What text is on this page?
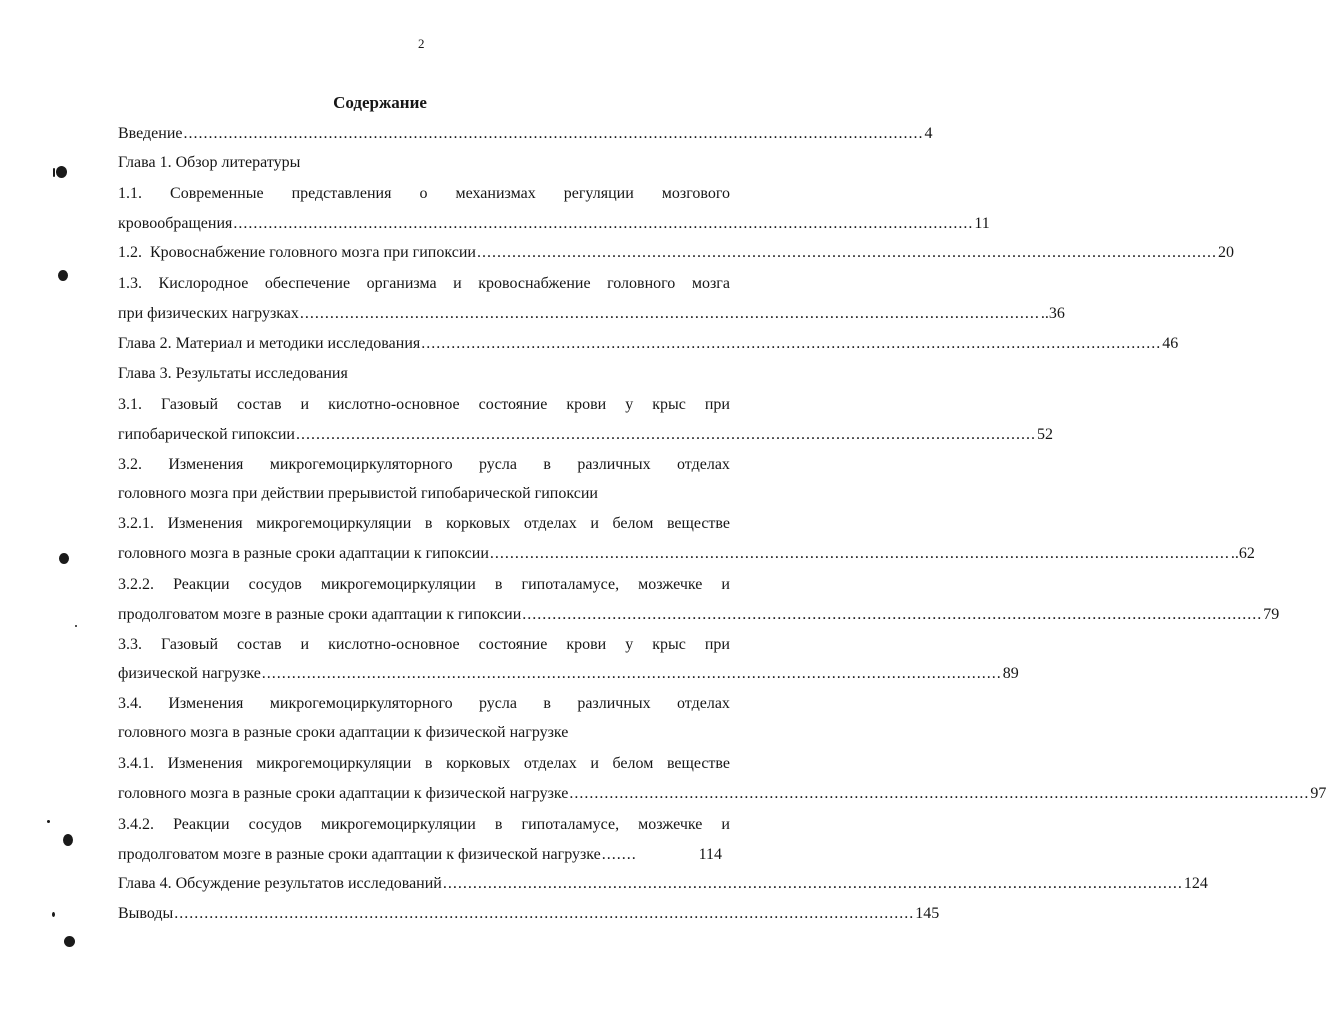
2
Содержание
Введение .................................................................................................................................................... 4
Глава 1. Обзор литературы
1.1. Современные представления о механизмах регуляции мозгового
кровообращения .................................................................................................................................................... 11
1.2.  Кровоснабжение головного мозга при гипоксии .................................................................................................................................................... 20
1.3. Кислородное обеспечение организма и кровоснабжение головного мозга
при физических нагрузках .................................................................................................................................................... ..36
Глава 2. Материал и методики исследования .................................................................................................................................................... 46
Глава 3. Результаты исследования
3.1. Газовый состав и кислотно-основное состояние крови у крыс при
гипобарической гипоксии .................................................................................................................................................... 52
3.2. Изменения микрогемоциркуляторного русла в различных отделах
головного мозга при действии прерывистой гипобарической гипоксии
3.2.1. Изменения микрогемоциркуляции в корковых отделах и белом веществе
головного мозга в разные сроки адаптации к гипоксии .................................................................................................................................................... ..62
3.2.2. Реакции сосудов микрогемоциркуляции в гипоталамусе, мозжечке и
продолговатом мозге в разные сроки адаптации к гипоксии .................................................................................................................................................... 79
3.3. Газовый состав и кислотно-основное состояние крови у крыс при
физической нагрузке .................................................................................................................................................... 89
3.4. Изменения микрогемоциркуляторного русла в различных отделах
головного мозга в разные сроки адаптации к физической нагрузке
3.4.1. Изменения микрогемоциркуляции в корковых отделах и белом веществе
головного мозга в разные сроки адаптации к физической нагрузке .................................................................................................................................................... 97
3.4.2. Реакции сосудов микрогемоциркуляции в гипоталамусе, мозжечке и
продолговатом мозге в разные сроки адаптации к физической нагрузке .......	114
Глава 4. Обсуждение результатов исследований .................................................................................................................................................... 124
Выводы .................................................................................................................................................... 145
